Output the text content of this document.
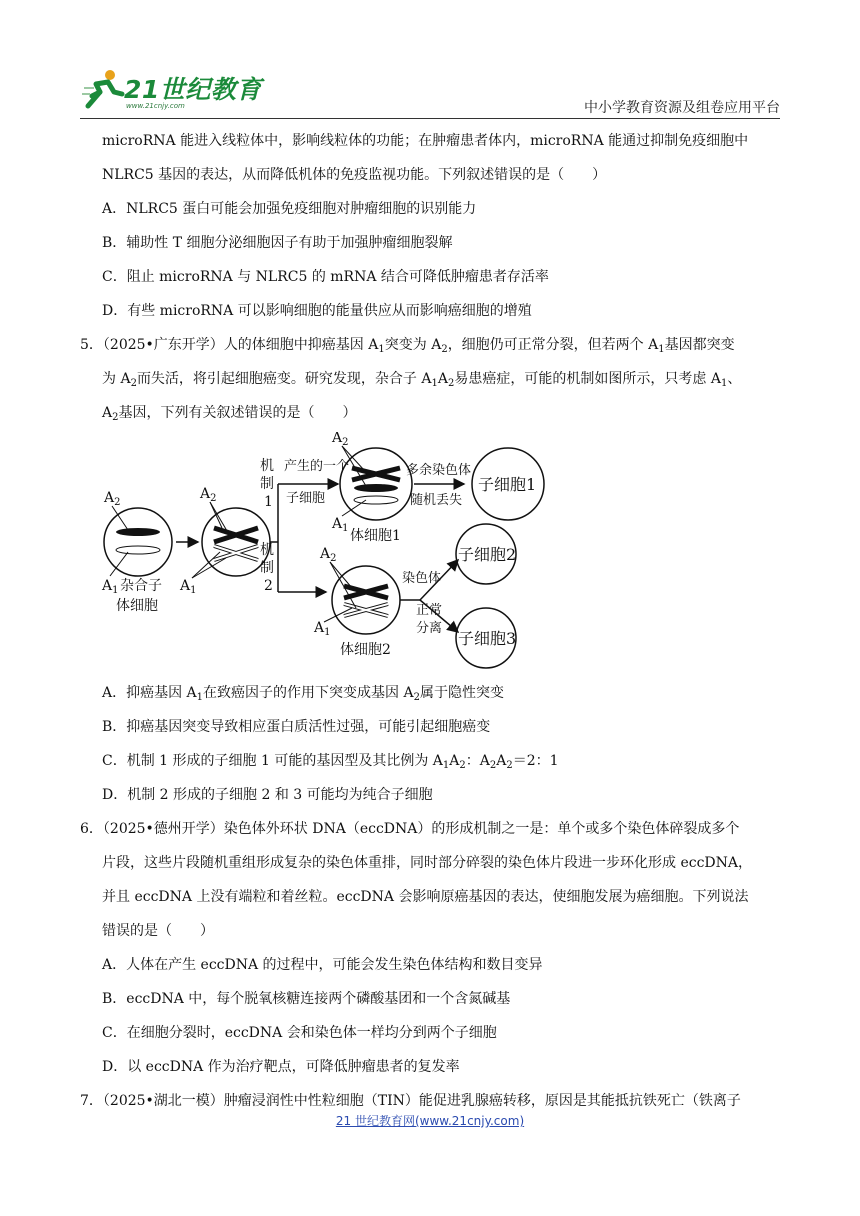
21世纪教育
www.21cnjy.com	中小学教育资源及组卷应用平台

microRNA 能进入线粒体中，影响线粒体的功能；在肿瘤患者体内，microRNA 能通过抑制免疫细胞中

NLRC5 基因的表达，从而降低机体的免疫监视功能。下列叙述错误的是（　　）

A．NLRC5 蛋白可能会加强免疫细胞对肿瘤细胞的识别能力

B．辅助性 T 细胞分泌细胞因子有助于加强肿瘤细胞裂解

C．阻止 microRNA 与 NLRC5 的 mRNA 结合可降低肿瘤患者存活率

D．有些 microRNA 可以影响细胞的能量供应从而影响癌细胞的增殖

5．（2025•广东开学）人的体细胞中抑癌基因 $A_1$突变为 $A_2$，细胞仍可正常分裂，但若两个 $A_1$基因都突变

为 $A_2$而失活，将引起细胞癌变。研究发现，杂合子 $A_1A_2$易患癌症，可能的机制如图所示，只考虑 $A_1$、

$A_2$基因，下列有关叙述错误的是（　　）

$A_2$
$A_1$ 杂合子
体细胞
$A_2$
$A_1$
机
制
1
机
制
2
产生的一个
子细胞
$A_2$
$A_1$ 体细胞1
多余染色体
随机丢失
子细胞1
$A_2$
$A_1$
体细胞2
染色体
正常
分离
子细胞2
子细胞3

A．抑癌基因 $A_1$在致癌因子的作用下突变成基因 $A_2$属于隐性突变

B．抑癌基因突变导致相应蛋白质活性过强，可能引起细胞癌变

C．机制 1 形成的子细胞 1 可能的基因型及其比例为 $A_1A_2$：$A_2A_2=2$：1

D．机制 2 形成的子细胞 2 和 3 可能均为纯合子细胞

6．（2025•德州开学）染色体外环状 DNA（eccDNA）的形成机制之一是：单个或多个染色体碎裂成多个

片段，这些片段随机重组形成复杂的染色体重排，同时部分碎裂的染色体片段进一步环化形成 eccDNA，

并且 eccDNA 上没有端粒和着丝粒。eccDNA 会影响原癌基因的表达，使细胞发展为癌细胞。下列说法

错误的是（　　）

A．人体在产生 eccDNA 的过程中，可能会发生染色体结构和数目变异

B．eccDNA 中，每个脱氧核糖连接两个磷酸基团和一个含氮碱基

C．在细胞分裂时，eccDNA 会和染色体一样均分到两个子细胞

D．以 eccDNA 作为治疗靶点，可降低肿瘤患者的复发率

7．（2025•湖北一模）肿瘤浸润性中性粒细胞（TIN）能促进乳腺癌转移，原因是其能抵抗铁死亡（铁离子

21 世纪教育网(www.21cnjy.com)
